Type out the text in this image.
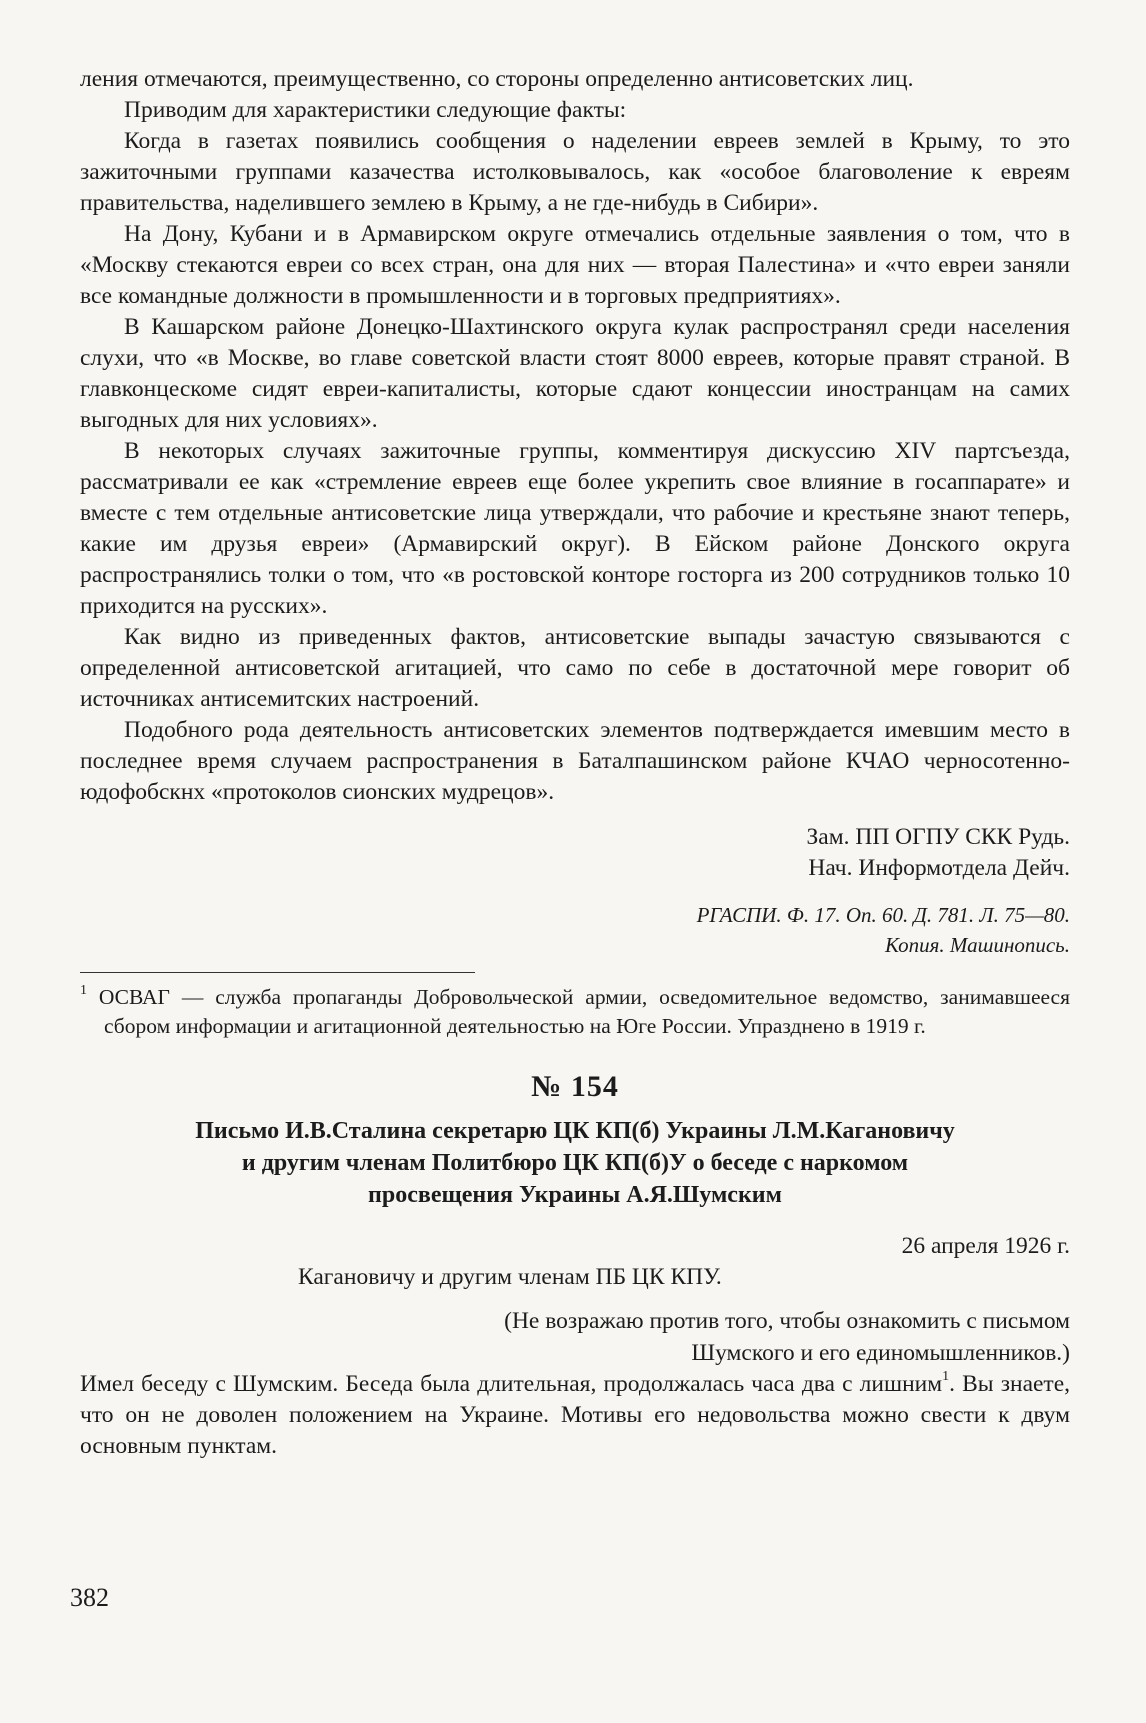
ления отмечаются, преимущественно, со стороны определенно антисоветских лиц.

Приводим для характеристики следующие факты:

Когда в газетах появились сообщения о наделении евреев землей в Крыму, то это зажиточными группами казачества истолковывалось, как «особое благоволение к евреям правительства, наделившего землею в Крыму, а не где-нибудь в Сибири».

На Дону, Кубани и в Армавирском округе отмечались отдельные заявления о том, что в «Москву стекаются евреи со всех стран, она для них — вторая Палестина» и «что евреи заняли все командные должности в промышленности и в торговых предприятиях».

В Кашарском районе Донецко-Шахтинского округа кулак распространял среди населения слухи, что «в Москве, во главе советской власти стоят 8000 евреев, которые правят страной. В главконцескоме сидят евреи-капиталисты, которые сдают концессии иностранцам на самих выгодных для них условиях».

В некоторых случаях зажиточные группы, комментируя дискуссию XIV партсъезда, рассматривали ее как «стремление евреев еще более укрепить свое влияние в госаппарате» и вместе с тем отдельные антисоветские лица утверждали, что рабочие и крестьяне знают теперь, какие им друзья евреи» (Армавирский округ). В Ейском районе Донского округа распространялись толки о том, что «в ростовской конторе госторга из 200 сотрудников только 10 приходится на русских».

Как видно из приведенных фактов, антисоветские выпады зачастую связываются с определенной антисоветской агитацией, что само по себе в достаточной мере говорит об источниках антисемитских настроений.

Подобного рода деятельность антисоветских элементов подтверждается имевшим место в последнее время случаем распространения в Баталпашинском районе КЧАО черносотенно-юдофобскнх «протоколов сионских мудрецов».

Зам. ПП ОГПУ СКК Рудь.
Нач. Информотдела Дейч.
РГАСПИ. Ф. 17. Оп. 60. Д. 781. Л. 75—80.
Копия. Машинопись.
$^1$ ОСВАГ — служба пропаганды Добровольческой армии, осведомительное ведомство, занимавшееся сбором информации и агитационной деятельностью на Юге России. Упразднено в 1919 г.
№ 154
Письмо И.В.Сталина секретарю ЦК КП(б) Украины Л.М.Кагановичу
и другим членам Политбюро ЦК КП(б)У о беседе с наркомом
просвещения Украины А.Я.Шумским
26 апреля 1926 г.

Кагановичу и другим членам ПБ ЦК КПУ.

(Не возражаю против того, чтобы ознакомить с письмом
Шумского и его единомышленников.)

Имел беседу с Шумским. Беседа была длительная, продолжалась часа два с лишним$^1$. Вы знаете, что он не доволен положением на Украине. Мотивы его недовольства можно свести к двум основным пунктам.

382
